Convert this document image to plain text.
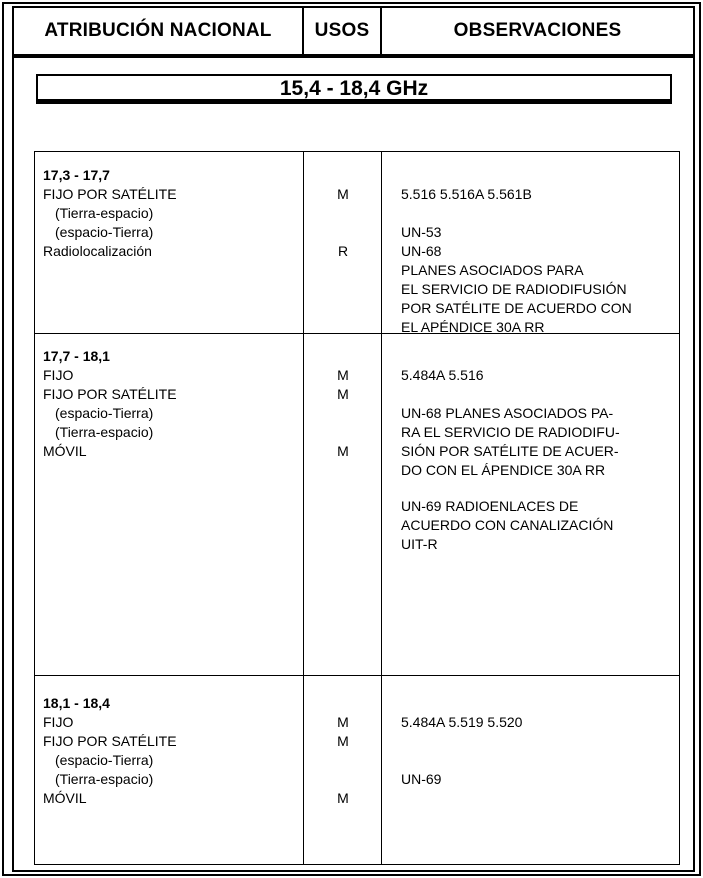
ATRIBUCIÓN NACIONAL	USOS	OBSERVACIONES
15,4 - 18,4 GHz
17,3 - 17,7
FIJO POR SATÉLITE
(Tierra-espacio)
(espacio-Tierra)
Radiolocalización
M
R
5.516 5.516A 5.561B
UN-53
UN-68
PLANES ASOCIADOS PARA
EL SERVICIO DE RADIODIFUSIÓN
POR SATÉLITE DE ACUERDO CON
EL APÉNDICE 30A RR
17,7 - 18,1
FIJO
FIJO POR SATÉLITE
(espacio-Tierra)
(Tierra-espacio)
MÓVIL
M
M
M
5.484A 5.516
UN-68 PLANES ASOCIADOS PA-
RA EL SERVICIO DE RADIODIFU-
SIÓN POR SATÉLITE DE ACUER-
DO CON EL ÁPENDICE 30A RR
UN-69 RADIOENLACES DE
ACUERDO CON CANALIZACIÓN
UIT-R
18,1 - 18,4
FIJO
FIJO POR SATÉLITE
(espacio-Tierra)
(Tierra-espacio)
MÓVIL
M
M
M
5.484A 5.519 5.520
UN-69
